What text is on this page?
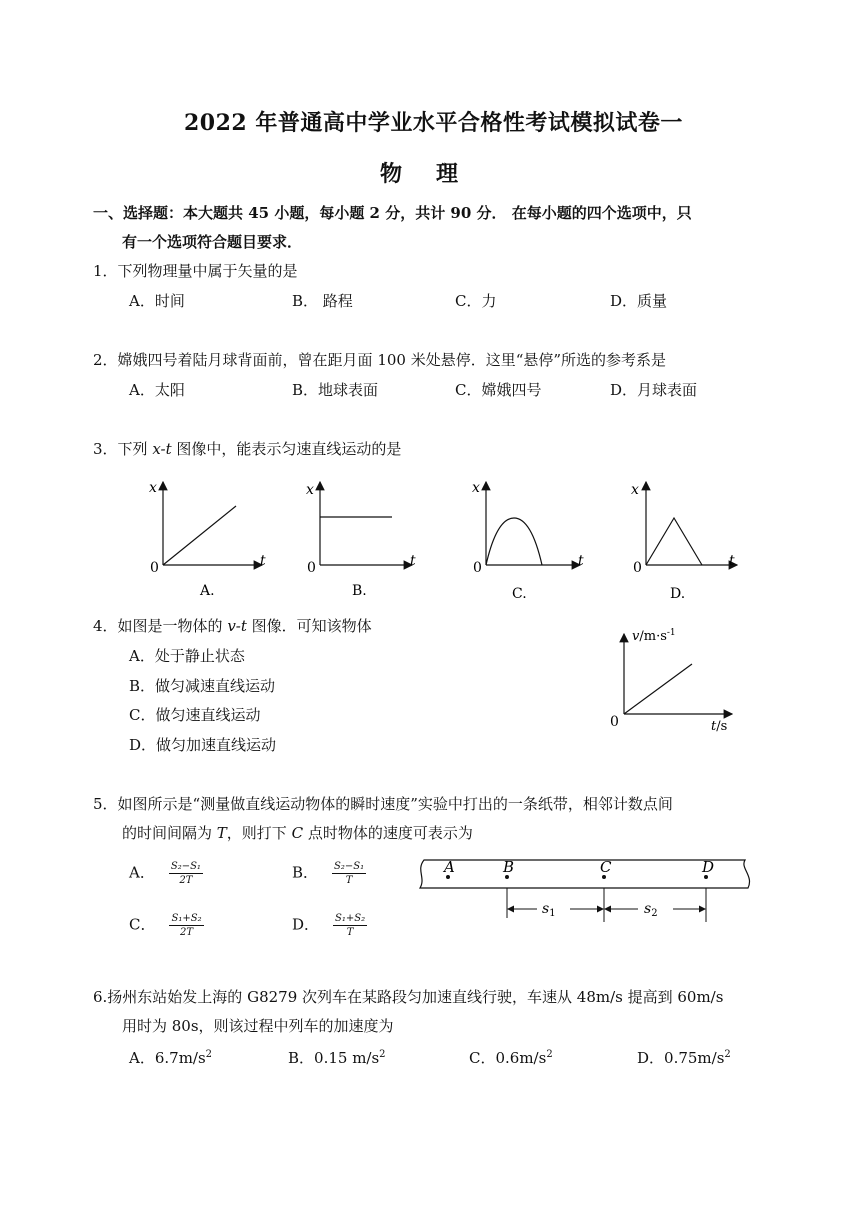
2022 年普通高中学业水平合格性考试模拟试卷一
物理
一、选择题：本大题共 45 小题，每小题 2 分，共计 90 分． 在每小题的四个选项中，只
有一个选项符合题目要求．
1．下列物理量中属于矢量的是
A．时间	B． 路程	C．力	D．质量
2．嫦娥四号着陆月球背面前，曾在距月面 100 米处悬停．这里“悬停”所选的参考系是
A．太阳	B．地球表面	C．嫦娥四号	D．月球表面
3．下列 x-t 图像中，能表示匀速直线运动的是
x
t
0
A.
x
t
0
B.
x
t
0
C.
x
t
0
D.
4．如图是一物体的 v-t 图像．可知该物体
A．处于静止状态
B．做匀减速直线运动
C．做匀速直线运动
D．做匀加速直线运动
$v/m\cdot s^{-1}$
0	t/s
5．如图所示是“测量做直线运动物体的瞬时速度”实验中打出的一条纸带，相邻计数点间
的时间间隔为 T，则打下 C 点时物体的速度可表示为
A． $\frac{\text{S₂−S₁}}{2T}$	B． $\frac{\text{S₂−S₁}}{T}$
C． $\frac{\text{S₁+S₂}}{2T}$	D． $\frac{\text{S₁+S₂}}{T}$
A	B	C	D
$s_1$	$s_2$
6.扬州东站始发上海的 G8279 次列车在某路段匀加速直线行驶，车速从 48m/s 提高到 60m/s
用时为 80s，则该过程中列车的加速度为
A．$6.7m/s^2$	B．0.15 $m/s^2$	C．$0.6m/s^2$	D．$0.75m/s^2$
